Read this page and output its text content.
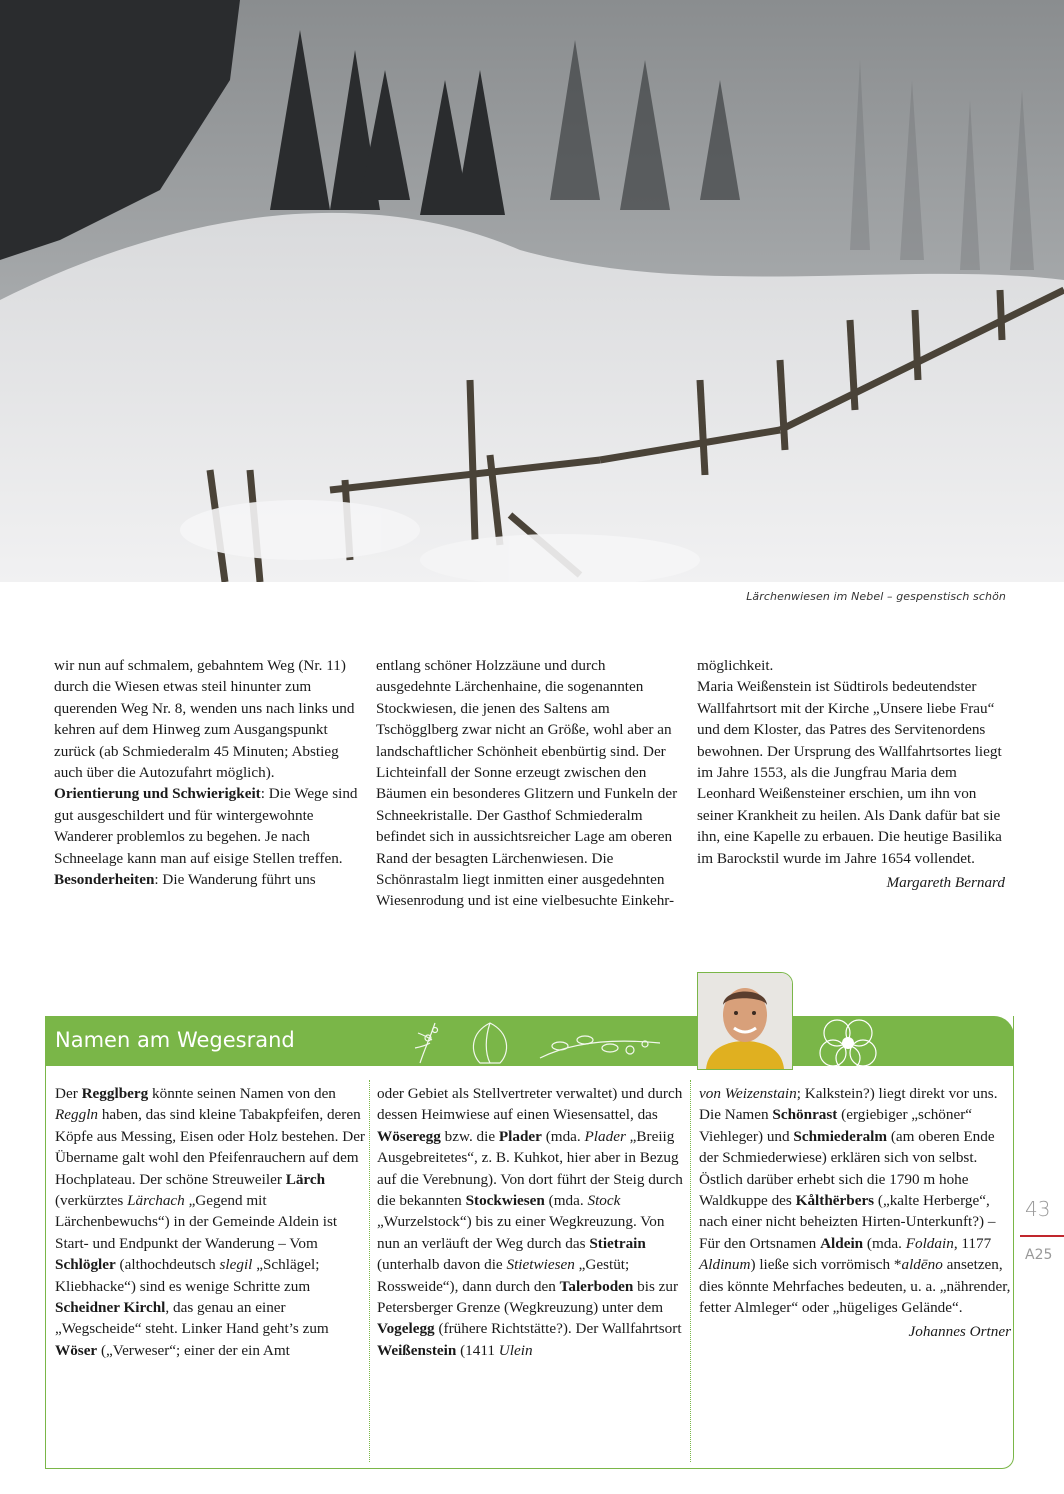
Lärchenwiesen im Nebel – gespenstisch schön

wir nun auf schmalem, gebahntem Weg (Nr. 11) durch die Wiesen etwas steil hinunter zum querenden Weg Nr. 8, wenden uns nach links und kehren auf dem Hinweg zum Ausgangspunkt zurück (ab Schmiederalm 45 Minuten; Abstieg auch über die Autozufahrt möglich).

Orientierung und Schwierigkeit: Die Wege sind gut ausgeschildert und für wintergewohnte Wanderer problemlos zu begehen. Je nach Schneelage kann man auf eisige Stellen treffen.

Besonderheiten: Die Wanderung führt uns

entlang schöner Holzzäune und durch ausgedehnte Lärchenhaine, die sogenannten Stockwiesen, die jenen des Saltens am Tschögglberg zwar nicht an Größe, wohl aber an landschaftlicher Schönheit ebenbürtig sind. Der Lichteinfall der Sonne erzeugt zwischen den Bäumen ein besonderes Glitzern und Funkeln der Schneekristalle. Der Gasthof Schmiederalm befindet sich in aussichtsreicher Lage am oberen Rand der besagten Lärchenwiesen. Die Schönrastalm liegt inmitten einer ausgedehnten Wiesenrodung und ist eine vielbesuchte Einkehr-

möglichkeit.

Maria Weißenstein ist Südtirols bedeutendster Wallfahrtsort mit der Kirche „Unsere liebe Frau“ und dem Kloster, das Patres des Servitenordens bewohnen. Der Ursprung des Wallfahrtsortes liegt im Jahre 1553, als die Jungfrau Maria dem Leonhard Weißensteiner erschien, um ihn von seiner Krankheit zu heilen. Als Dank dafür bat sie ihn, eine Kapelle zu erbauen. Die heutige Basilika im Barockstil wurde im Jahre 1654 vollendet.

Margareth Bernard

Namen am Wegesrand

Der Regglberg könnte seinen Namen von den Reggln haben, das sind kleine Tabakpfeifen, deren Köpfe aus Messing, Eisen oder Holz bestehen. Der Übername galt wohl den Pfeifenrauchern auf dem Hochplateau. Der schöne Streuweiler Lärch (verkürztes Lärchach „Gegend mit Lärchenbewuchs“) in der Gemeinde Aldein ist Start- und Endpunkt der Wanderung – Vom Schlögler (althochdeutsch slegil „Schlägel; Kliebhacke“) sind es wenige Schritte zum Scheidner Kirchl, das genau an einer „Wegscheide“ steht. Linker Hand geht’s zum Wöser („Verweser“; einer der ein Amt

oder Gebiet als Stellvertreter verwaltet) und durch dessen Heimwiese auf einen Wiesensattel, das Wöseregg bzw. die Plader (mda. Plader „Breiig Ausgebreitetes“, z. B. Kuhkot, hier aber in Bezug auf die Verebnung). Von dort führt der Steig durch die bekannten Stockwiesen (mda. Stock „Wurzelstock“) bis zu einer Wegkreuzung. Von nun an verläuft der Weg durch das Stietrain (unterhalb davon die Stietwiesen „Gestüt; Rossweide“), dann durch den Talerboden bis zur Petersberger Grenze (Wegkreuzung) unter dem Vogelegg (frühere Richtstätte?). Der Wallfahrtsort Weißenstein (1411 Ulein

von Weizenstain; Kalkstein?) liegt direkt vor uns. Die Namen Schönrast (ergiebiger „schöner“ Viehleger) und Schmiederalm (am oberen Ende der Schmiederwiese) erklären sich von selbst. Östlich darüber erhebt sich die 1790 m hohe Waldkuppe des Kålthërbers („kalte Herberge“, nach einer nicht beheizten Hirten-Unterkunft?) – Für den Ortsnamen Aldein (mda. Foldain, 1177 Aldinum) ließe sich vorrömisch *aldēno ansetzen, dies könnte Mehrfaches bedeuten, u. a. „nährender, fetter Almleger“ oder „hügeliges Gelände“.

Johannes Ortner

43
A25
